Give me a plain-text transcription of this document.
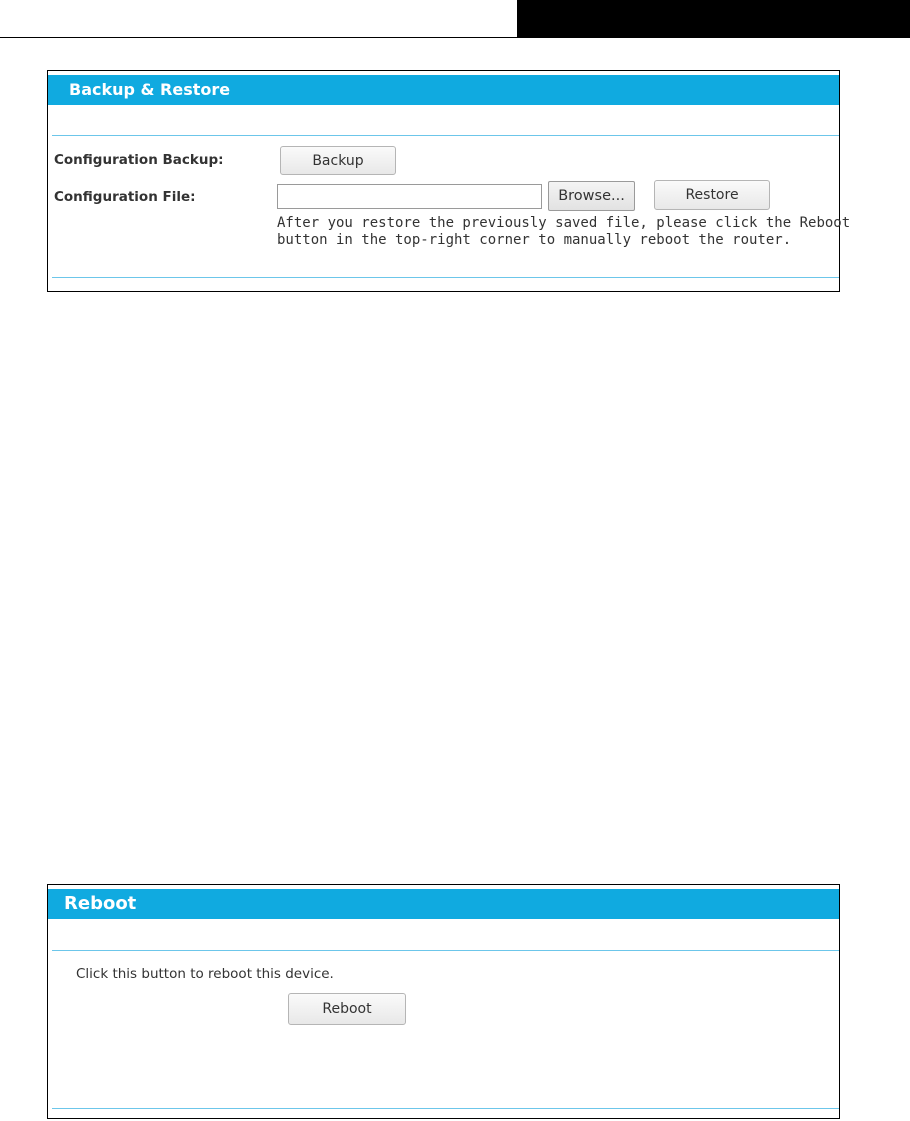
Backup & Restore
Configuration Backup:	Backup
Configuration File:	Browse...	Restore
After you restore the previously saved file, please click the Reboot
button in the top-right corner to manually reboot the router.
Reboot
Click this button to reboot this device.
Reboot
